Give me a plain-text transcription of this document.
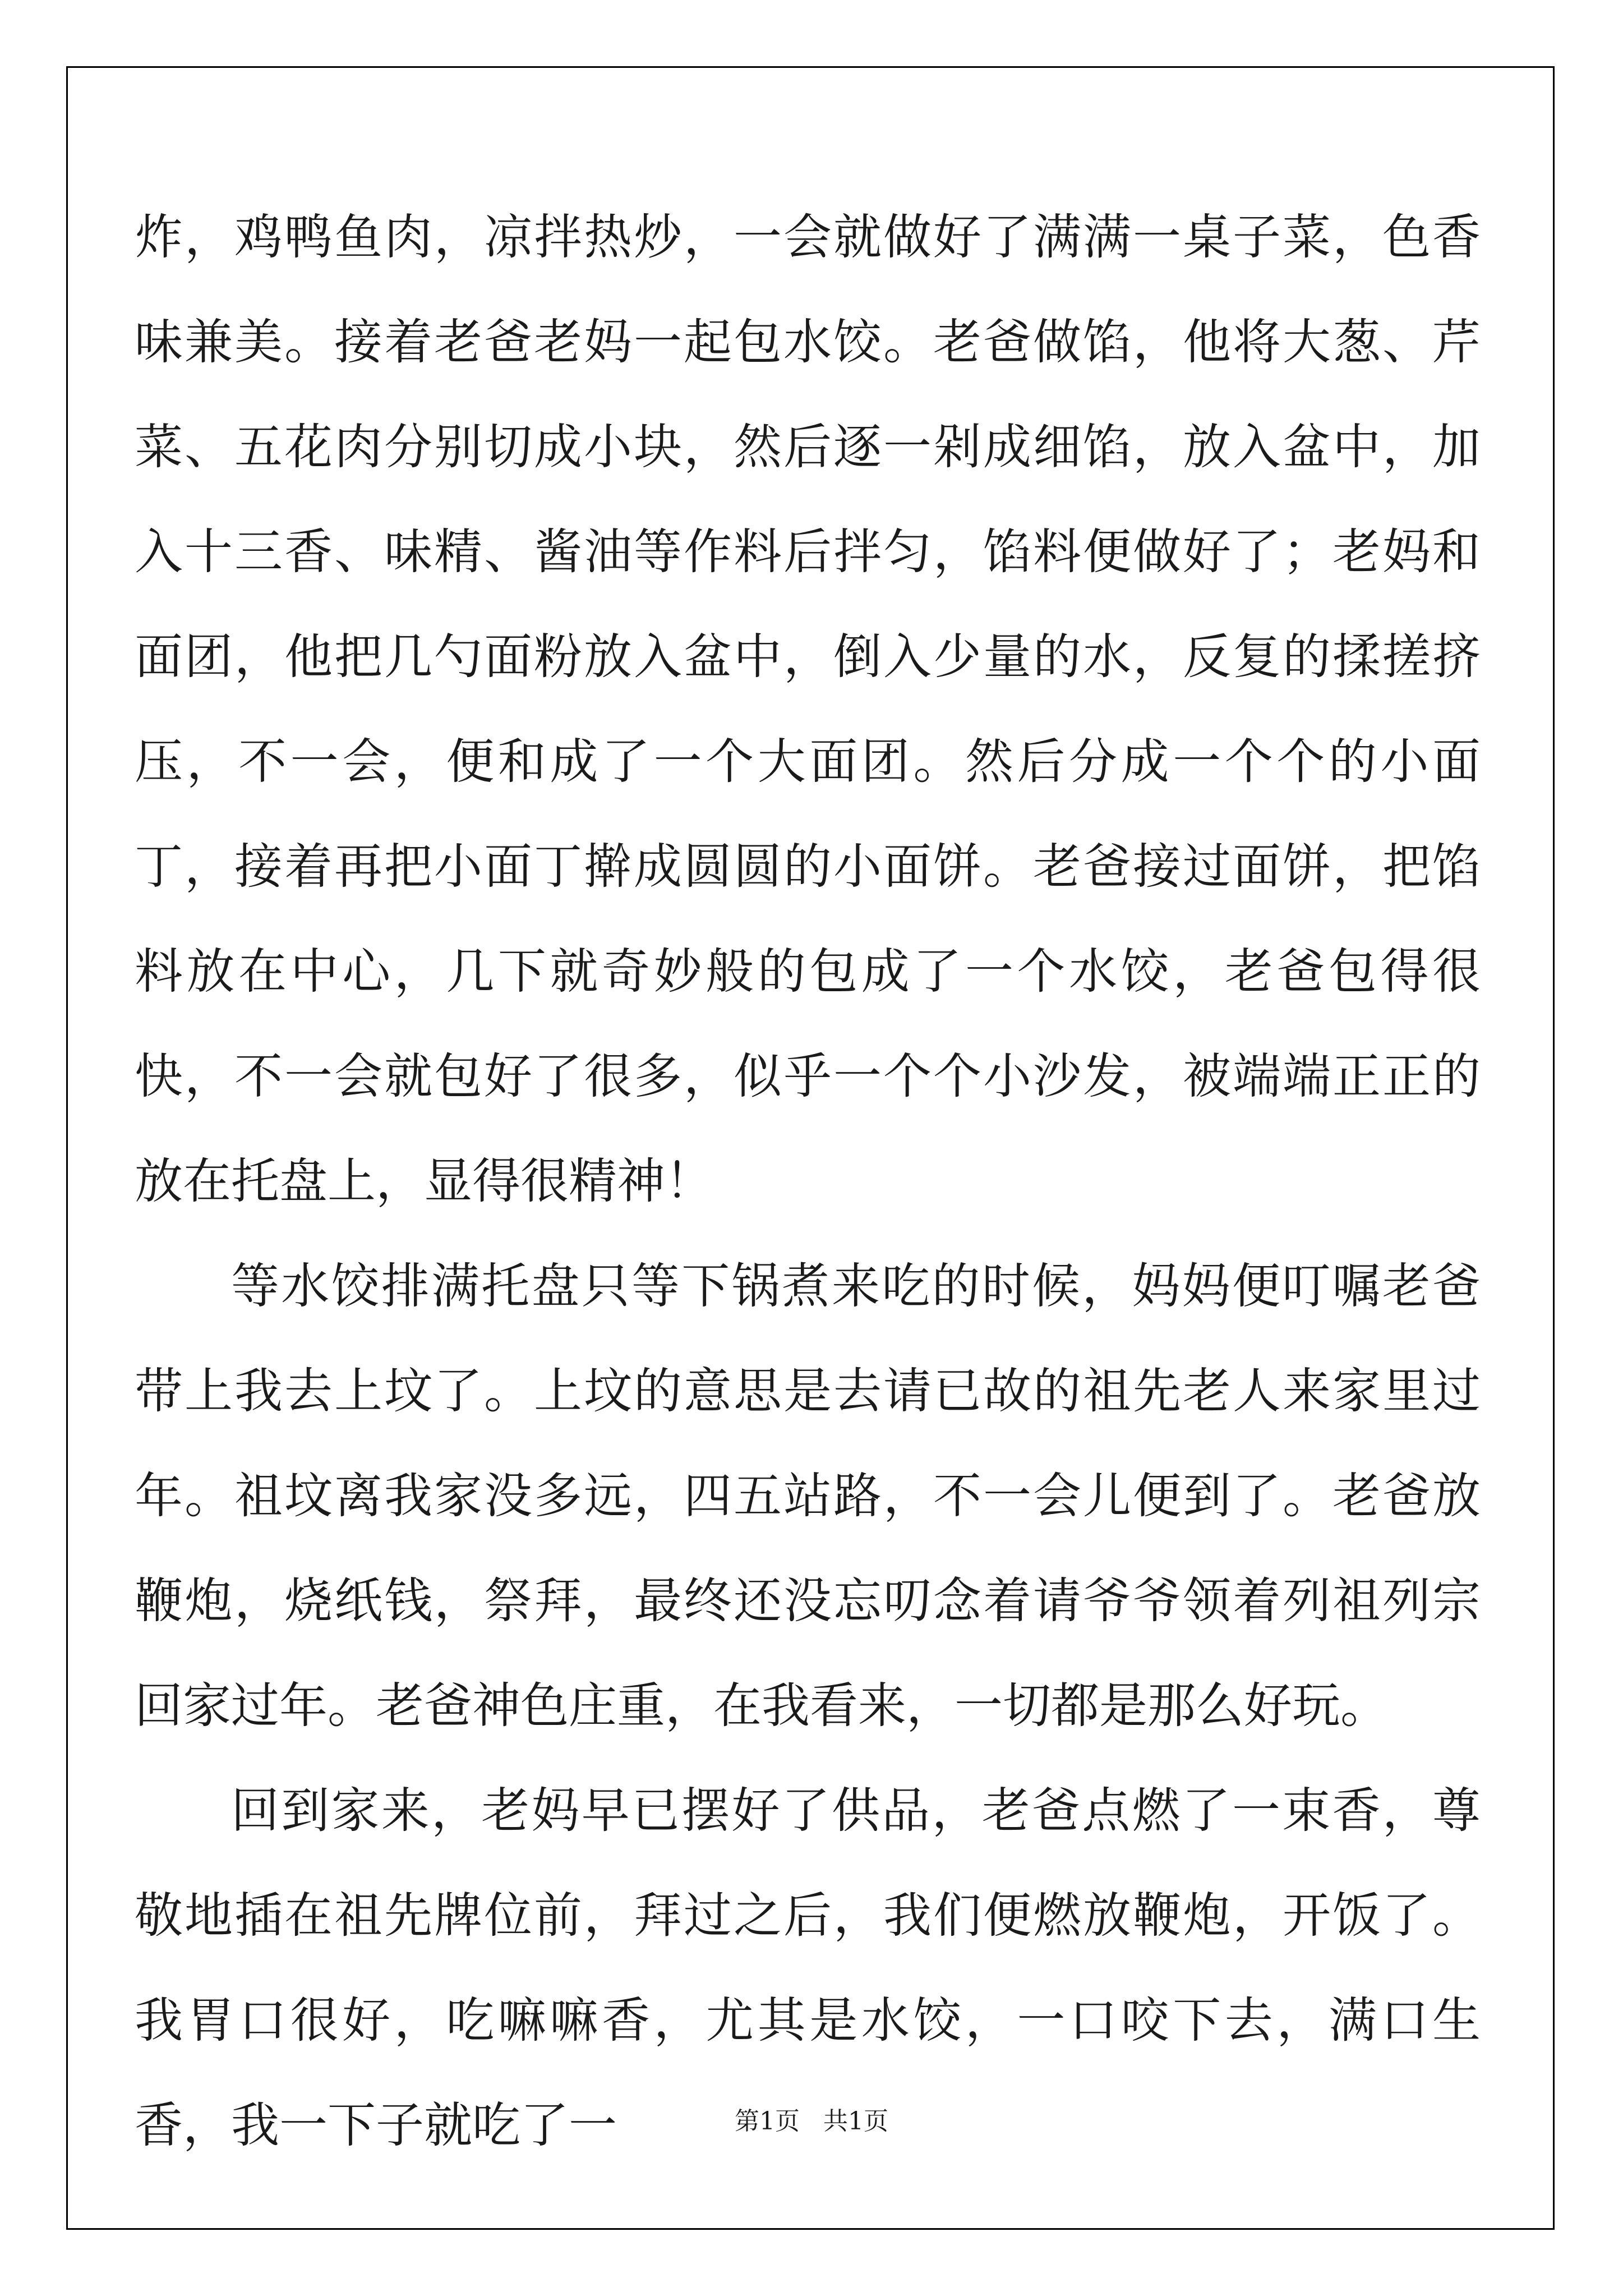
炸，鸡鸭鱼肉，凉拌热炒，一会就做好了满满一桌子菜，色香味兼美。接着老爸老妈一起包水饺。老爸做馅，他将大葱、芹菜、五花肉分别切成小块，然后逐一剁成细馅，放入盆中，加入十三香、味精、酱油等作料后拌匀，馅料便做好了；老妈和面团，他把几勺面粉放入盆中，倒入少量的水，反复的揉搓挤压，不一会，便和成了一个大面团。然后分成一个个的小面丁，接着再把小面丁擀成圆圆的小面饼。老爸接过面饼，把馅料放在中心，几下就奇妙般的包成了一个水饺，老爸包得很快，不一会就包好了很多，似乎一个个小沙发，被端端正正的放在托盘上，显得很精神！

等水饺排满托盘只等下锅煮来吃的时候，妈妈便叮嘱老爸带上我去上坟了。上坟的意思是去请已故的祖先老人来家里过年。祖坟离我家没多远，四五站路，不一会儿便到了。老爸放鞭炮，烧纸钱，祭拜，最终还没忘叨念着请爷爷领着列祖列宗回家过年。老爸神色庄重，在我看来，一切都是那么好玩。

回到家来，老妈早已摆好了供品，老爸点燃了一束香，尊敬地插在祖先牌位前，拜过之后，我们便燃放鞭炮，开饭了。我胃口很好，吃嘛嘛香，尤其是水饺，一口咬下去，满口生香，我一下子就吃了一	第1页   共1页
